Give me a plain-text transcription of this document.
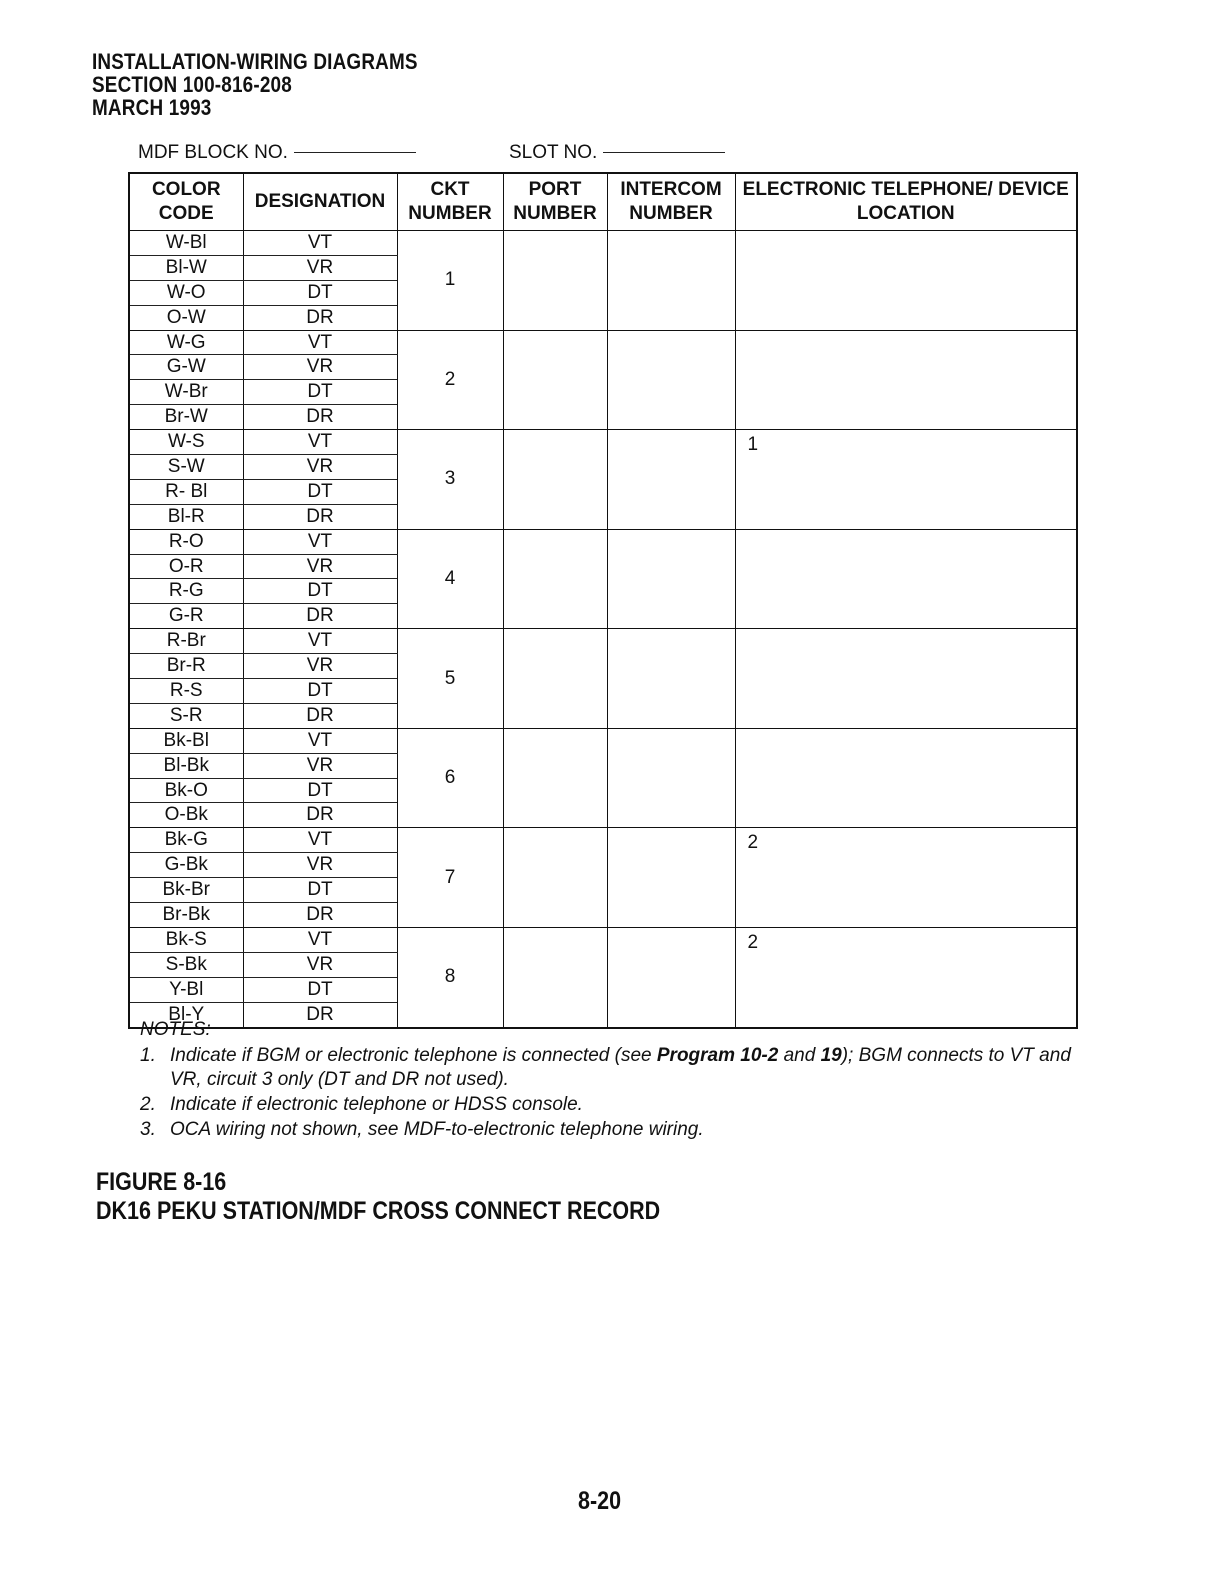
INSTALLATION-WIRING DIAGRAMS
SECTION 100-816-208
MARCH 1993
MDF BLOCK NO.	SLOT NO.
COLOR CODE	DESIGNATION	CKT NUMBER	PORT NUMBER	INTERCOM NUMBER	ELECTRONIC TELEPHONE/ DEVICE LOCATION
W-Bl	VT	1			
Bl-W	VR				
W-O	DT				
O-W	DR				
W-G	VT	2			
G-W	VR				
W-Br	DT				
Br-W	DR				
W-S	VT	3			1
S-W	VR				
R- Bl	DT				
Bl-R	DR				
R-O	VT	4			
O-R	VR				
R-G	DT				
G-R	DR				
R-Br	VT	5			
Br-R	VR				
R-S	DT				
S-R	DR				
Bk-Bl	VT	6			
Bl-Bk	VR				
Bk-O	DT				
O-Bk	DR				
Bk-G	VT	7			2
G-Bk	VR				
Bk-Br	DT				
Br-Bk	DR				
Bk-S	VT	8			2
S-Bk	VR				
Y-Bl	DT				
Bl-Y	DR				
NOTES:
1. Indicate if BGM or electronic telephone is connected (see Program 10-2 and 19); BGM connects to VT and VR, circuit 3 only (DT and DR not used).
2. Indicate if electronic telephone or HDSS console.
3. OCA wiring not shown, see MDF-to-electronic telephone wiring.
FIGURE 8-16
DK16 PEKU STATION/MDF CROSS CONNECT RECORD
8-20
